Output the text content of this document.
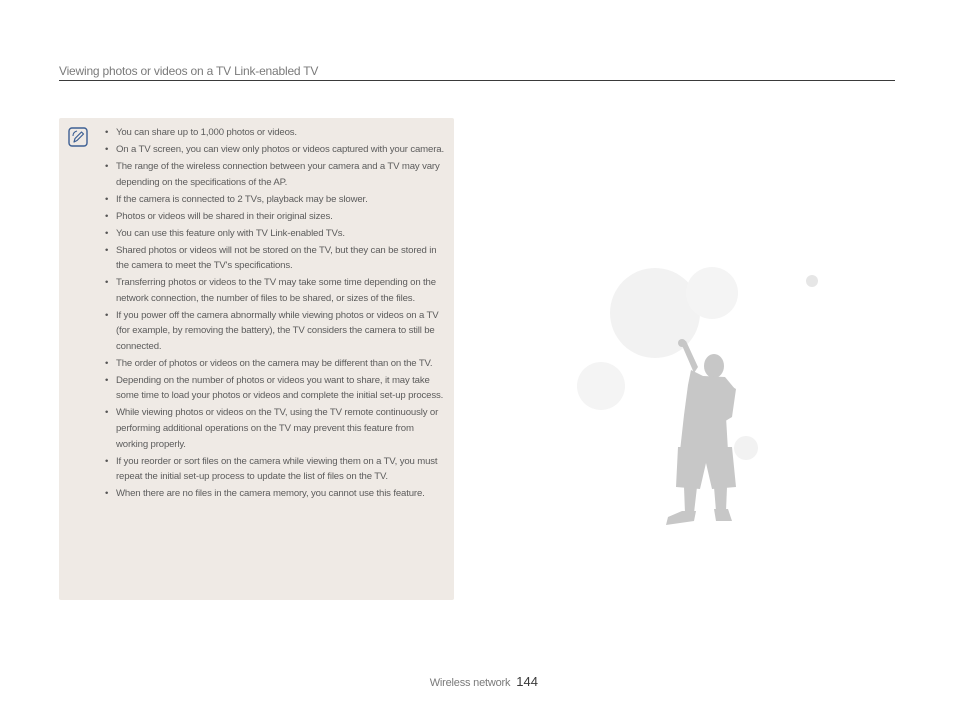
Viewing photos or videos on a TV Link-enabled TV
• You can share up to 1,000 photos or videos.
• On a TV screen, you can view only photos or videos captured with your camera.
• The range of the wireless connection between your camera and a TV may vary depending on the specifications of the AP.
• If the camera is connected to 2 TVs, playback may be slower.
• Photos or videos will be shared in their original sizes.
• You can use this feature only with TV Link-enabled TVs.
• Shared photos or videos will not be stored on the TV, but they can be stored in the camera to meet the TV's specifications.
• Transferring photos or videos to the TV may take some time depending on the network connection, the number of files to be shared, or sizes of the files.
• If you power off the camera abnormally while viewing photos or videos on a TV (for example, by removing the battery), the TV considers the camera to still be connected.
• The order of photos or videos on the camera may be different than on the TV.
• Depending on the number of photos or videos you want to share, it may take some time to load your photos or videos and complete the initial set-up process.
• While viewing photos or videos on the TV, using the TV remote continuously or performing additional operations on the TV may prevent this feature from working properly.
• If you reorder or sort files on the camera while viewing them on a TV, you must repeat the initial set-up process to update the list of files on the TV.
• When there are no files in the camera memory, you cannot use this feature.
Wireless network 144
